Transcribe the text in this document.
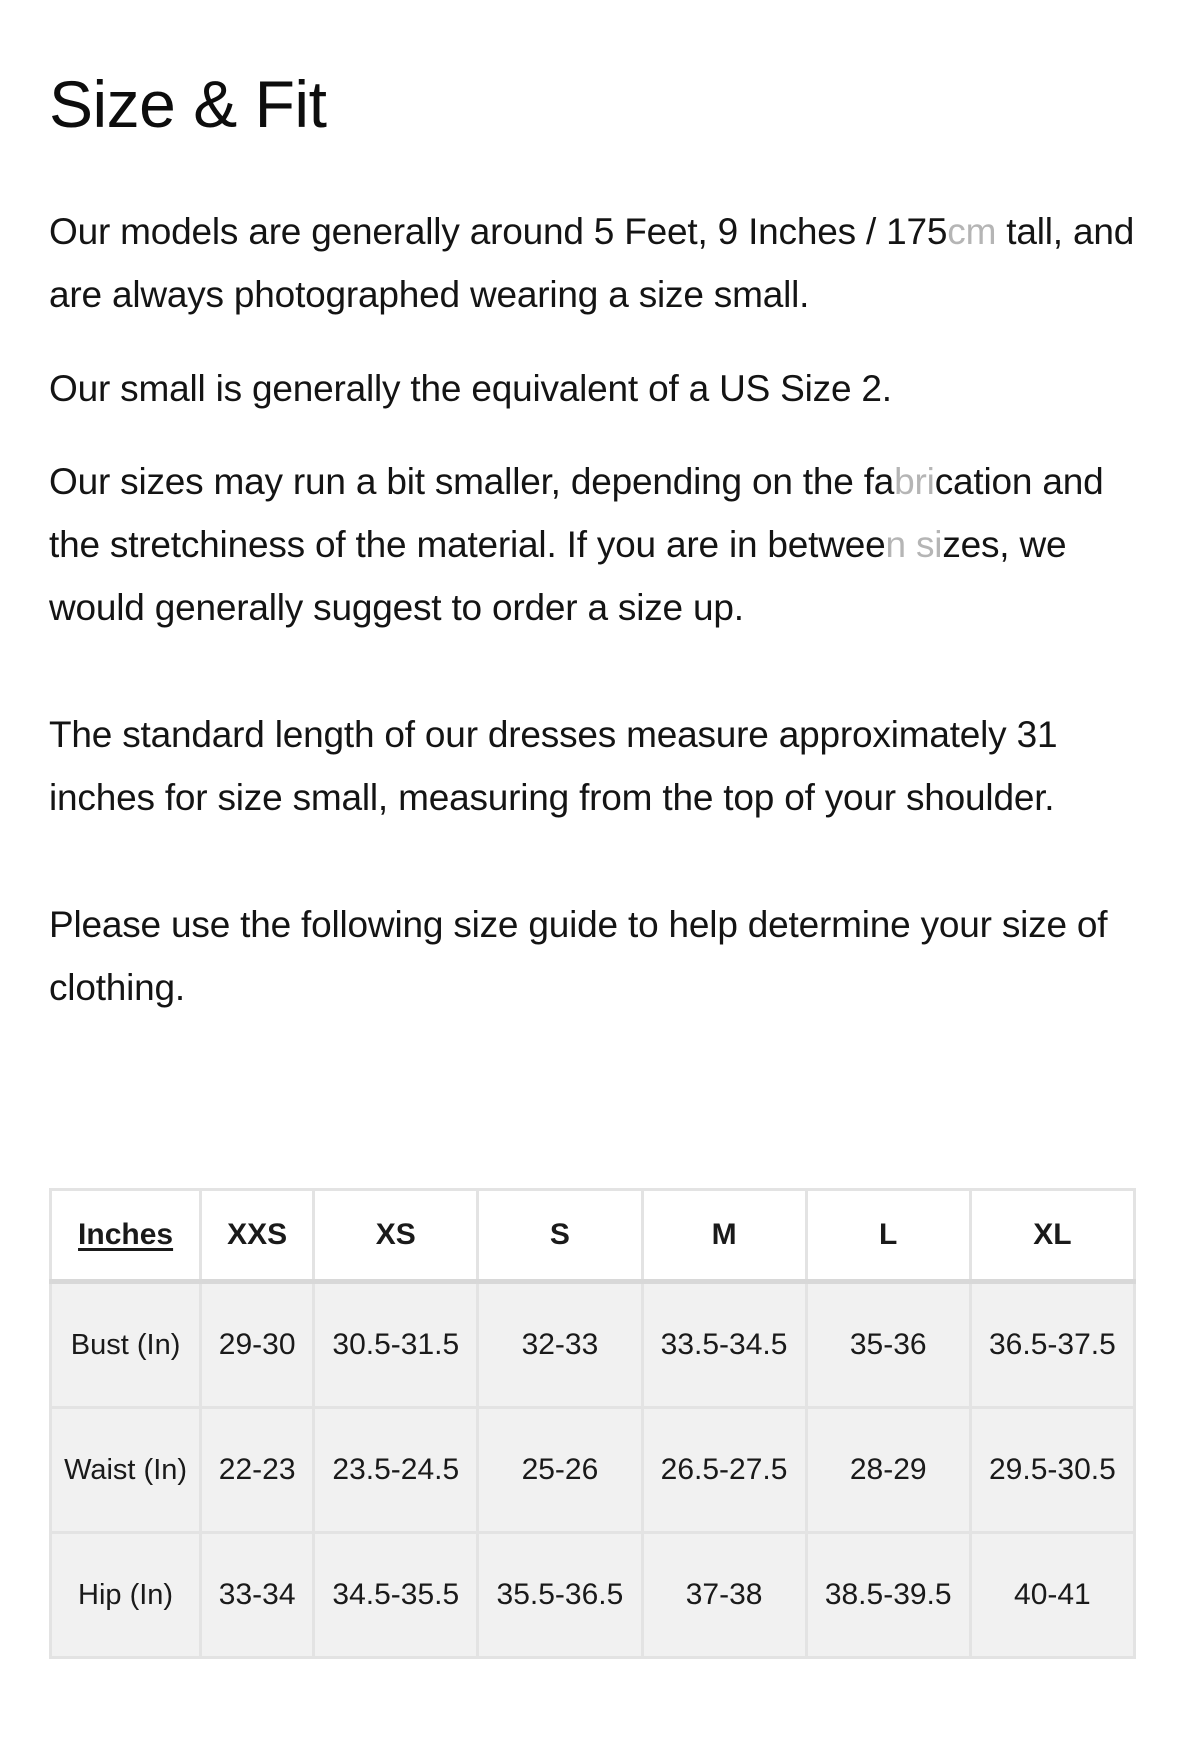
Size & Fit

Our models are generally around 5 Feet, 9 Inches / 175cm tall, and are always photographed wearing a size small.

Our small is generally the equivalent of a US Size 2.

Our sizes may run a bit smaller, depending on the fabrication and the stretchiness of the material. If you are in between sizes, we would generally suggest to order a size up.

The standard length of our dresses measure approximately 31 inches for size small, measuring from the top of your shoulder.

Please use the following size guide to help determine your size of clothing.

Inches	XXS	XS	S	M	L	XL
Bust (In)	29-30	30.5-31.5	32-33	33.5-34.5	35-36	36.5-37.5
Waist (In)	22-23	23.5-24.5	25-26	26.5-27.5	28-29	29.5-30.5
Hip (In)	33-34	34.5-35.5	35.5-36.5	37-38	38.5-39.5	40-41
